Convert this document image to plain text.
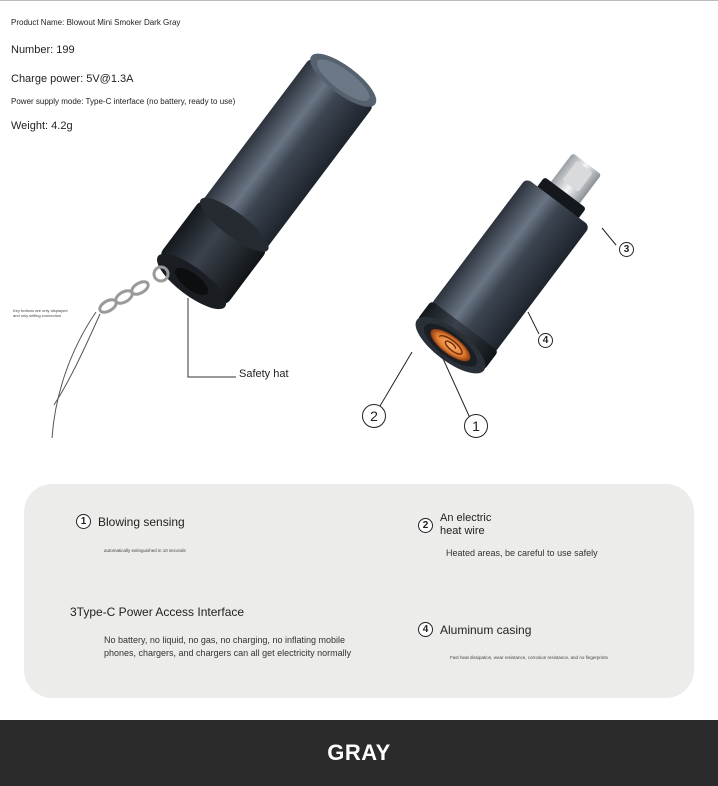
Product Name: Blowout Mini Smoker Dark Gray
Number: 199
Charge power: 5V@1.3A
Power supply mode: Type-C interface (no battery, ready to use)
Weight: 4.2g
Key buttons are only displayed and only selling connection
Safety hat
3
4
2
1
1 Blowing sensing
automatically extinguished in 10 seconds
2An electric heat wire
Heated areas, be careful to use safely
3Type-C Power Access Interface
No battery, no liquid, no gas, no charging, no inflating mobile phones, chargers, and chargers can all get electricity normally
4 Aluminum casing
Fast heat dissipation, wear resistance, corrosion resistance, and no fingerprints
GRAY
